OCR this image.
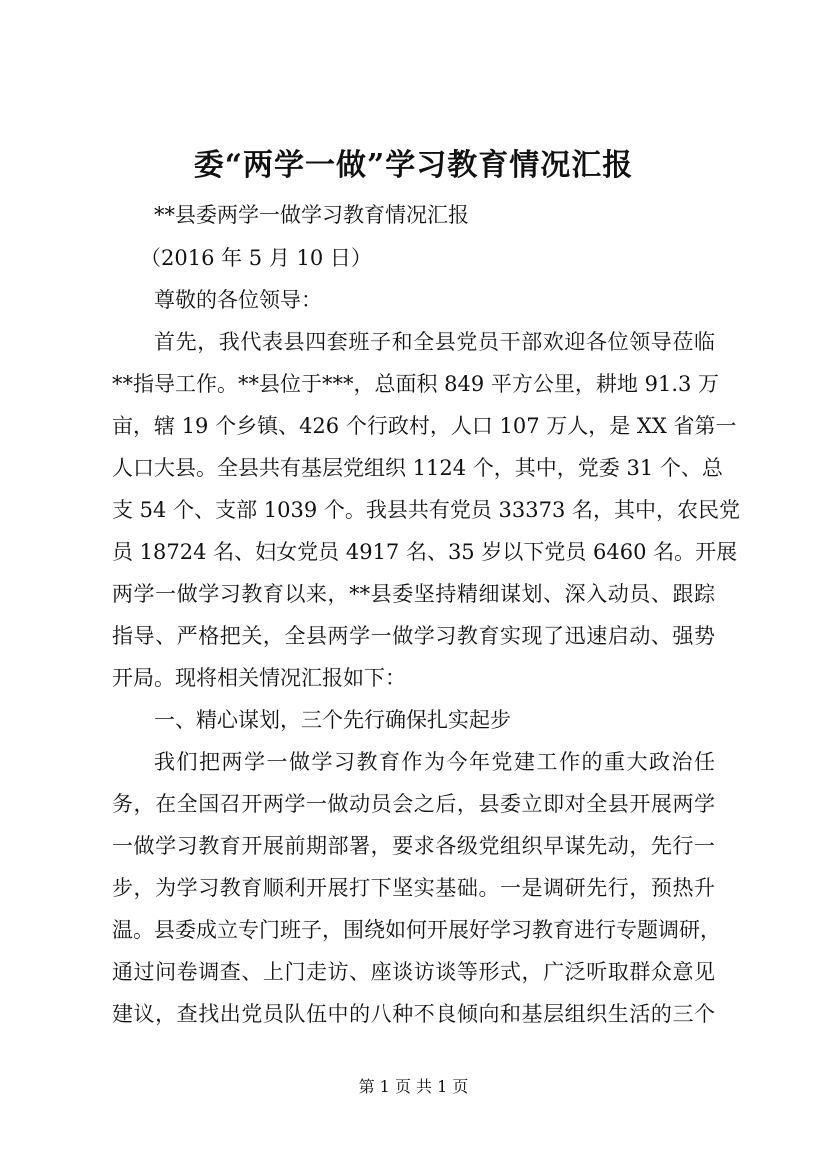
委“两学一做”学习教育情况汇报
**县委两学一做学习教育情况汇报
（2016 年 5 月 10 日）
尊敬的各位领导：
首先，我代表县四套班子和全县党员干部欢迎各位领导莅临
**指导工作。**县位于***，总面积 849 平方公里，耕地 91.3 万
亩，辖 19 个乡镇、426 个行政村，人口 107 万人，是 XX 省第一
人口大县。全县共有基层党组织 1124 个，其中，党委 31 个、总
支 54 个、支部 1039 个。我县共有党员 33373 名，其中，农民党
员 18724 名、妇女党员 4917 名、35 岁以下党员 6460 名。开展
两学一做学习教育以来，**县委坚持精细谋划、深入动员、跟踪
指导、严格把关，全县两学一做学习教育实现了迅速启动、强势
开局。现将相关情况汇报如下：
一、精心谋划，三个先行确保扎实起步
我们把两学一做学习教育作为今年党建工作的重大政治任
务，在全国召开两学一做动员会之后，县委立即对全县开展两学
一做学习教育开展前期部署，要求各级党组织早谋先动，先行一
步，为学习教育顺利开展打下坚实基础。一是调研先行，预热升
温。县委成立专门班子，围绕如何开展好学习教育进行专题调研，
通过问卷调查、上门走访、座谈访谈等形式，广泛听取群众意见
建议，查找出党员队伍中的八种不良倾向和基层组织生活的三个
第 1 页 共 1 页
